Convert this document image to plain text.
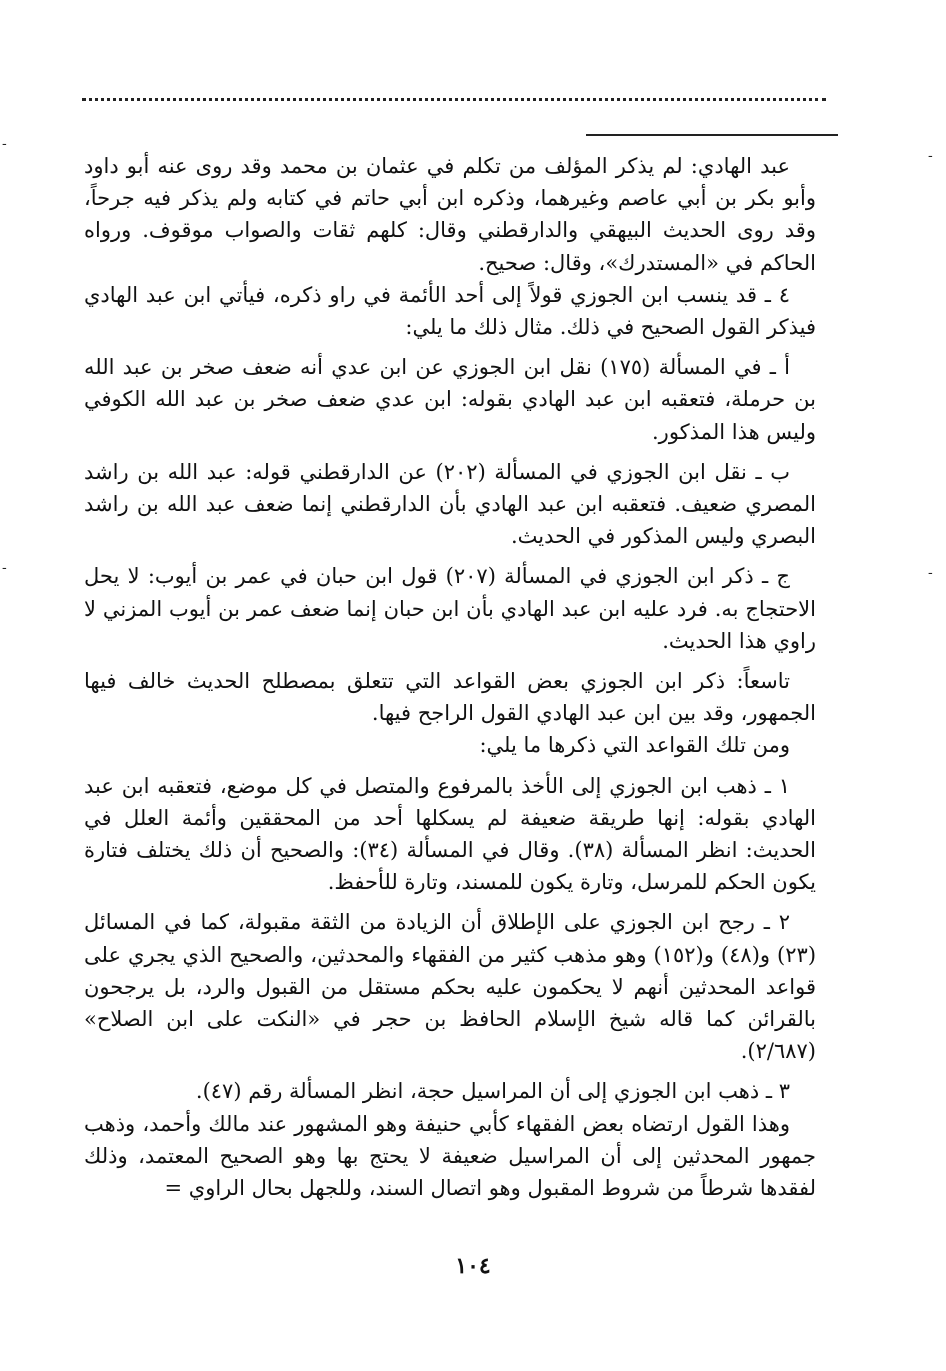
-
-
-	-

عبد الهادي: لم يذكر المؤلف من تكلم في عثمان بن محمد وقد روى عنه أبو داود وأبو بكر بن أبي عاصم وغيرهما، وذكره ابن أبي حاتم في كتابه ولم يذكر فيه جرحاً، وقد روى الحديث البيهقي والدارقطني وقال: كلهم ثقات والصواب موقوف. ورواه الحاكم في «المستدرك»، وقال: صحيح.

٤ ـ قد ينسب ابن الجوزي قولاً إلى أحد الأئمة في راو ذكره، فيأتي ابن عبد الهادي فيذكر القول الصحيح في ذلك. مثال ذلك ما يلي:

أ ـ في المسألة (١٧٥) نقل ابن الجوزي عن ابن عدي أنه ضعف صخر بن عبد الله بن حرملة، فتعقبه ابن عبد الهادي بقوله: ابن عدي ضعف صخر بن عبد الله الكوفي وليس هذا المذكور.

ب ـ نقل ابن الجوزي في المسألة (٢٠٢) عن الدارقطني قوله: عبد الله بن راشد المصري ضعيف. فتعقبه ابن عبد الهادي بأن الدارقطني إنما ضعف عبد الله بن راشد البصري وليس المذكور في الحديث.

ج ـ ذكر ابن الجوزي في المسألة (٢٠٧) قول ابن حبان في عمر بن أيوب: لا يحل الاحتجاج به. فرد عليه ابن عبد الهادي بأن ابن حبان إنما ضعف عمر بن أيوب المزني لا راوي هذا الحديث.

تاسعاً: ذكر ابن الجوزي بعض القواعد التي تتعلق بمصطلح الحديث خالف فيها الجمهور، وقد بين ابن عبد الهادي القول الراجح فيها.

ومن تلك القواعد التي ذكرها ما يلي:

١ ـ ذهب ابن الجوزي إلى الأخذ بالمرفوع والمتصل في كل موضع، فتعقبه ابن عبد الهادي بقوله: إنها طريقة ضعيفة لم يسكلها أحد من المحققين وأئمة العلل في الحديث: انظر المسألة (٣٨). وقال في المسألة (٣٤): والصحيح أن ذلك يختلف فتارة يكون الحكم للمرسل، وتارة يكون للمسند، وتارة للأحفظ.

٢ ـ رجح ابن الجوزي على الإطلاق أن الزيادة من الثقة مقبولة، كما في المسائل (٢٣) و(٤٨) و(١٥٢) وهو مذهب كثير من الفقهاء والمحدثين، والصحيح الذي يجري على قواعد المحدثين أنهم لا يحكمون عليه بحكم مستقل من القبول والرد، بل يرجحون بالقرائن كما قاله شيخ الإسلام الحافظ بن حجر في «النكت على ابن الصلاح» (٢/٦٨٧).

٣ ـ ذهب ابن الجوزي إلى أن المراسيل حجة، انظر المسألة رقم (٤٧).

وهذا القول ارتضاه بعض الفقهاء كأبي حنيفة وهو المشهور عند مالك وأحمد، وذهب جمهور المحدثين إلى أن المراسيل ضعيفة لا يحتج بها وهو الصحيح المعتمد، وذلك لفقدها شرطاً من شروط المقبول وهو اتصال السند، وللجهل بحال الراوي =

١٠٤
